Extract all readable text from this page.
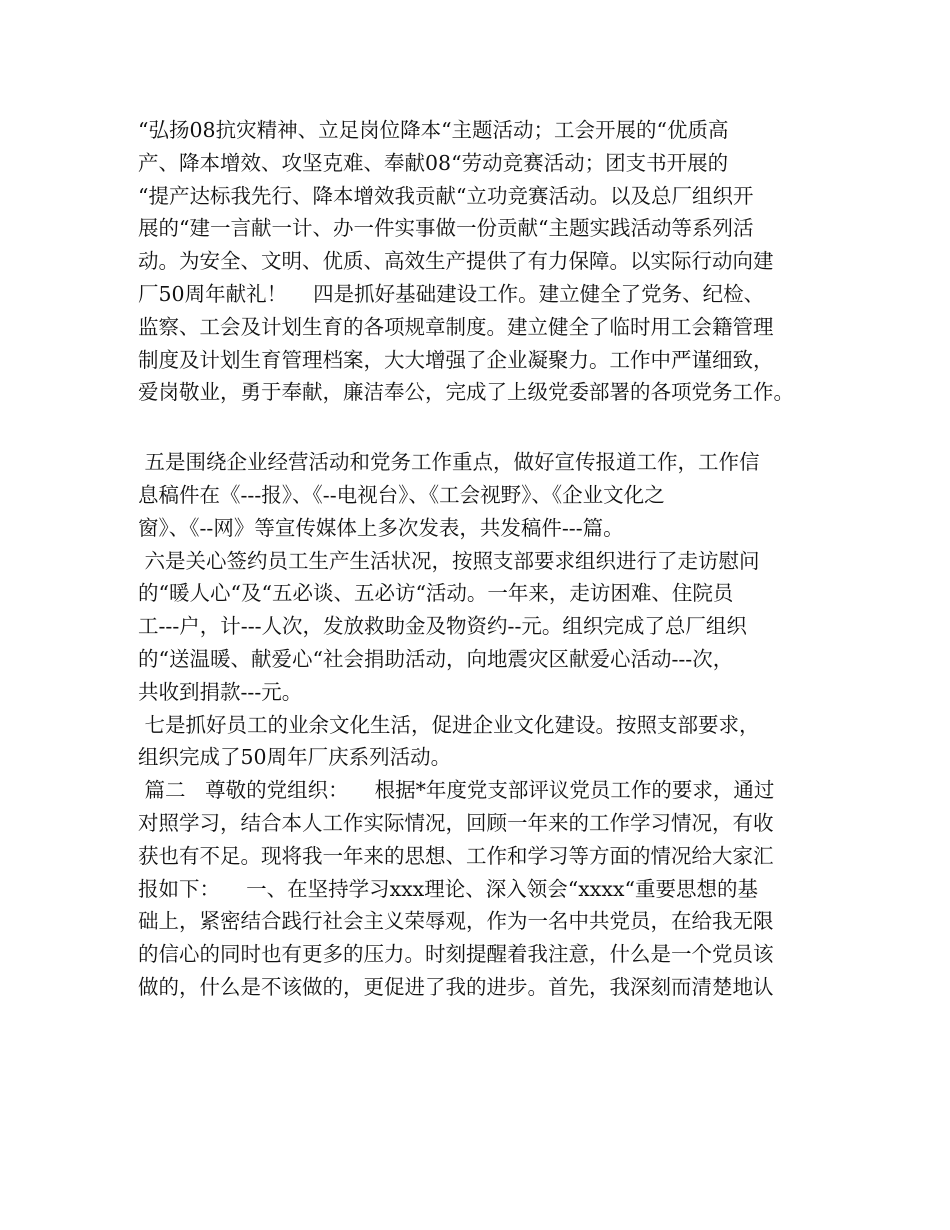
“弘扬08抗灾精神、立足岗位降本“主题活动；工会开展的“优质高
产、降本增效、攻坚克难、奉献08“劳动竞赛活动；团支书开展的
“提产达标我先行、降本增效我贡献“立功竞赛活动。以及总厂组织开
展的“建一言献一计、办一件实事做一份贡献“主题实践活动等系列活
动。为安全、文明、优质、高效生产提供了有力保障。以实际行动向建
厂50周年献礼！    四是抓好基础建设工作。建立健全了党务、纪检、
监察、工会及计划生育的各项规章制度。建立健全了临时用工会籍管理
制度及计划生育管理档案，大大增强了企业凝聚力。工作中严谨细致，
爱岗敬业，勇于奉献，廉洁奉公，完成了上级党委部署的各项党务工作。
五是围绕企业经营活动和党务工作重点，做好宣传报道工作，工作信
息稿件在《---报》、《--电视台》、《工会视野》、《企业文化之
窗》、《--网》等宣传媒体上多次发表，共发稿件---篇。
六是关心签约员工生产生活状况，按照支部要求组织进行了走访慰问
的“暖人心“及“五必谈、五必访“活动。一年来，走访困难、住院员
工---户，计---人次，发放救助金及物资约--元。组织完成了总厂组织
的“送温暖、献爱心“社会捐助活动，向地震灾区献爱心活动---次，
共收到捐款---元。
七是抓好员工的业余文化生活，促进企业文化建设。按照支部要求，
组织完成了50周年厂庆系列活动。
篇二   尊敬的党组织：    根据*年度党支部评议党员工作的要求，通过
对照学习，结合本人工作实际情况，回顾一年来的工作学习情况，有收
获也有不足。现将我一年来的思想、工作和学习等方面的情况给大家汇
报如下：    一、在坚持学习xxx理论、深入领会“xxxx“重要思想的基
础上，紧密结合践行社会主义荣辱观，作为一名中共党员，在给我无限
的信心的同时也有更多的压力。时刻提醒着我注意，什么是一个党员该
做的，什么是不该做的，更促进了我的进步。首先，我深刻而清楚地认
